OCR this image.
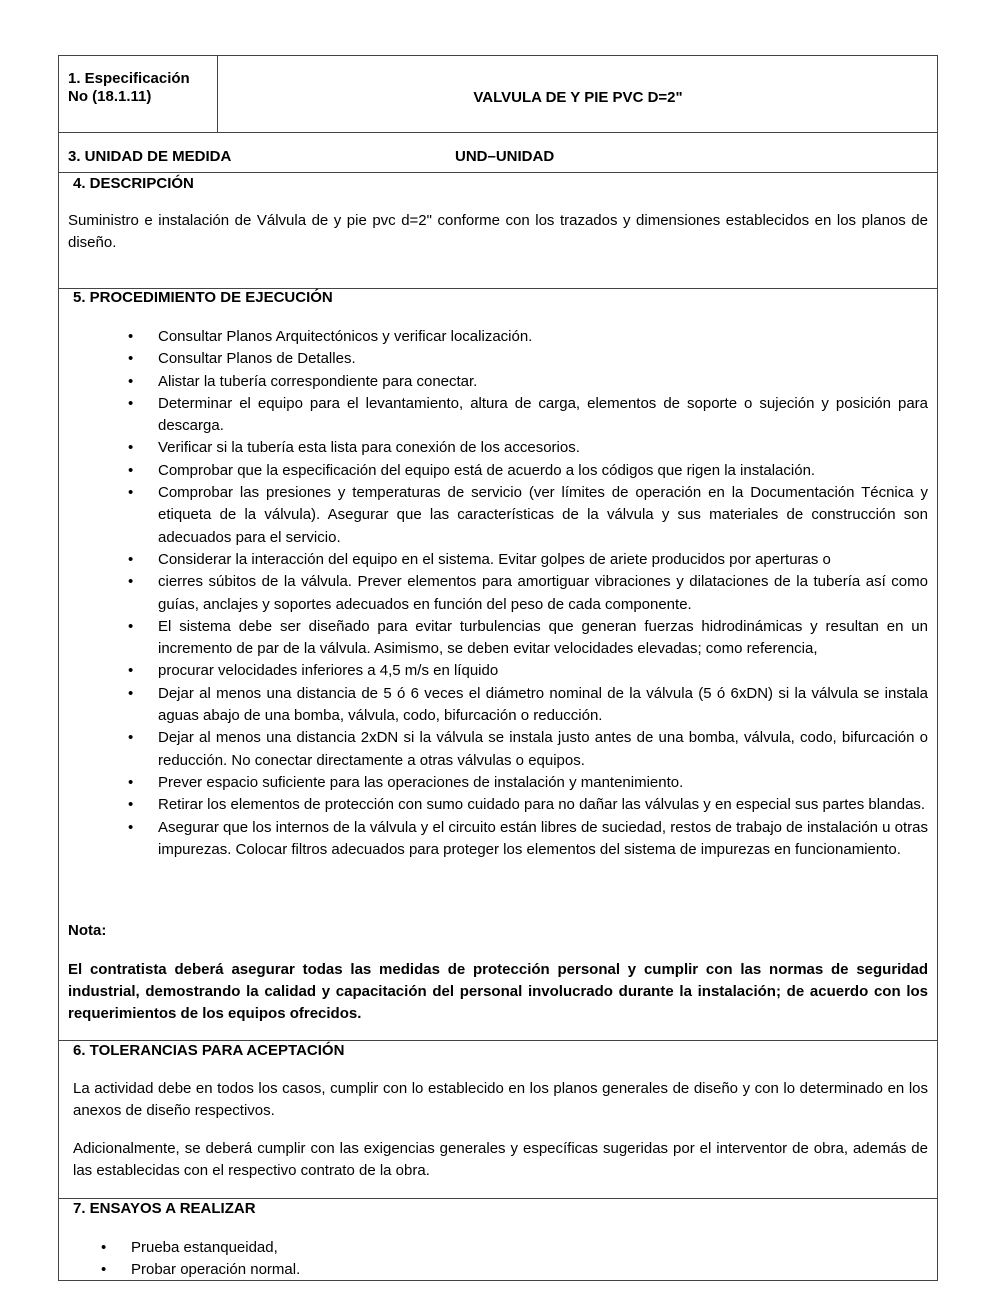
1. Especificación
No (18.1.11)	VALVULA DE Y PIE PVC D=2"
3. UNIDAD DE MEDIDA	UND–UNIDAD
4. DESCRIPCIÓN
Suministro e instalación de Válvula de y pie pvc d=2" conforme con los trazados y dimensiones establecidos en los planos de diseño.
5. PROCEDIMIENTO DE EJECUCIÓN
• Consultar Planos Arquitectónicos y verificar localización.
• Consultar Planos de Detalles.
• Alistar la tubería correspondiente para conectar.
• Determinar el equipo para el levantamiento, altura de carga, elementos de soporte o sujeción y posición para descarga.
• Verificar si la tubería esta lista para conexión de los accesorios.
• Comprobar que la especificación del equipo está de acuerdo a los códigos que rigen la instalación.
• Comprobar las presiones y temperaturas de servicio (ver límites de operación en la Documentación Técnica y etiqueta de la válvula). Asegurar que las características de la válvula y sus materiales de construcción son adecuados para el servicio.
• Considerar la interacción del equipo en el sistema. Evitar golpes de ariete producidos por aperturas o
• cierres súbitos de la válvula. Prever elementos para amortiguar vibraciones y dilataciones de la tubería así como guías, anclajes y soportes adecuados en función del peso de cada componente.
• El sistema debe ser diseñado para evitar turbulencias que generan fuerzas hidrodinámicas y resultan en un incremento de par de la válvula. Asimismo, se deben evitar velocidades elevadas; como referencia,
• procurar velocidades inferiores a 4,5 m/s en líquido
• Dejar al menos una distancia de 5 ó 6 veces el diámetro nominal de la válvula (5 ó 6xDN) si la válvula se instala aguas abajo de una bomba, válvula, codo, bifurcación o reducción.
• Dejar al menos una distancia 2xDN si la válvula se instala justo antes de una bomba, válvula, codo, bifurcación o reducción. No conectar directamente a otras válvulas o equipos.
• Prever espacio suficiente para las operaciones de instalación y mantenimiento.
• Retirar los elementos de protección con sumo cuidado para no dañar las válvulas y en especial sus partes blandas.
• Asegurar que los internos de la válvula y el circuito están libres de suciedad, restos de trabajo de instalación u otras impurezas. Colocar filtros adecuados para proteger los elementos del sistema de impurezas en funcionamiento.
Nota:
El contratista deberá asegurar todas las medidas de protección personal y cumplir con las normas de seguridad industrial, demostrando la calidad y capacitación del personal involucrado durante la instalación; de acuerdo con los requerimientos de los equipos ofrecidos.
6. TOLERANCIAS PARA ACEPTACIÓN
La actividad debe en todos los casos, cumplir con lo establecido en los planos generales de diseño y con lo determinado en los anexos de diseño respectivos.
Adicionalmente, se deberá cumplir con las exigencias generales y específicas sugeridas por el interventor de obra, además de las establecidas con el respectivo contrato de la obra.
7. ENSAYOS A REALIZAR
• Prueba estanqueidad,
• Probar operación normal.
